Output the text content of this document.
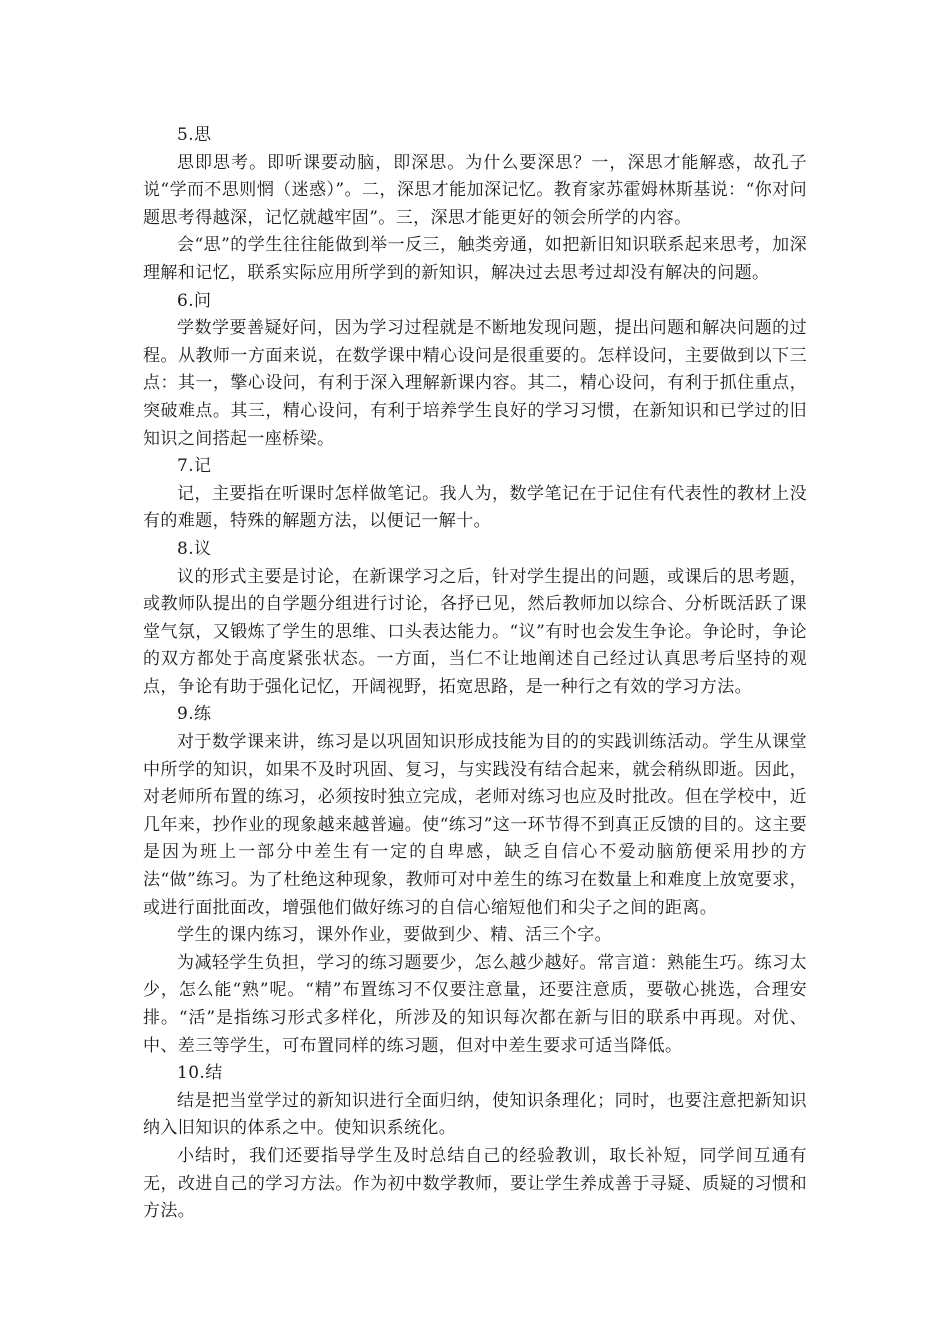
5.思

思即思考。即听课要动脑，即深思。为什么要深思？一，深思才能解惑，故孔子说“学而不思则惘（迷惑）”。二，深思才能加深记忆。教育家苏霍姆林斯基说：“你对问题思考得越深，记忆就越牢固”。三，深思才能更好的领会所学的内容。

会“思”的学生往往能做到举一反三，触类旁通，如把新旧知识联系起来思考，加深理解和记忆，联系实际应用所学到的新知识，解决过去思考过却没有解决的问题。

6.问

学数学要善疑好问，因为学习过程就是不断地发现问题，提出问题和解决问题的过程。从教师一方面来说，在数学课中精心设问是很重要的。怎样设问，主要做到以下三点：其一，擎心设问，有利于深入理解新课内容。其二，精心设问，有利于抓住重点，突破难点。其三，精心设问，有利于培养学生良好的学习习惯，在新知识和已学过的旧知识之间搭起一座桥梁。

7.记

记，主要指在听课时怎样做笔记。我人为，数学笔记在于记住有代表性的教材上没有的难题，特殊的解题方法，以便记一解十。

8.议

议的形式主要是讨论，在新课学习之后，针对学生提出的问题，或课后的思考题，或教师队提出的自学题分组进行讨论，各抒已见，然后教师加以综合、分析既活跃了课堂气氛，又锻炼了学生的思维、口头表达能力。“议”有时也会发生争论。争论时，争论的双方都处于高度紧张状态。一方面，当仁不让地阐述自己经过认真思考后坚持的观点，争论有助于强化记忆，开阔视野，拓宽思路，是一种行之有效的学习方法。

9.练

对于数学课来讲，练习是以巩固知识形成技能为目的的实践训练活动。学生从课堂中所学的知识，如果不及时巩固、复习，与实践没有结合起来，就会稍纵即逝。因此，对老师所布置的练习，必须按时独立完成，老师对练习也应及时批改。但在学校中，近几年来，抄作业的现象越来越普遍。使“练习”这一环节得不到真正反馈的目的。这主要是因为班上一部分中差生有一定的自卑感，缺乏自信心不爱动脑筋便采用抄的方法“做”练习。为了杜绝这种现象，教师可对中差生的练习在数量上和难度上放宽要求，或进行面批面改，增强他们做好练习的自信心缩短他们和尖子之间的距离。

学生的课内练习，课外作业，要做到少、精、活三个字。

为减轻学生负担，学习的练习题要少，怎么越少越好。常言道：熟能生巧。练习太少，怎么能“熟”呢。“精”布置练习不仅要注意量，还要注意质，要敬心挑选，合理安排。“活”是指练习形式多样化，所涉及的知识每次都在新与旧的联系中再现。对优、中、差三等学生，可布置同样的练习题，但对中差生要求可适当降低。

10.结

结是把当堂学过的新知识进行全面归纳，使知识条理化；同时，也要注意把新知识纳入旧知识的体系之中。使知识系统化。

小结时，我们还要指导学生及时总结自己的经验教训，取长补短，同学间互通有无，改进自己的学习方法。作为初中数学教师，要让学生养成善于寻疑、质疑的习惯和方法。
